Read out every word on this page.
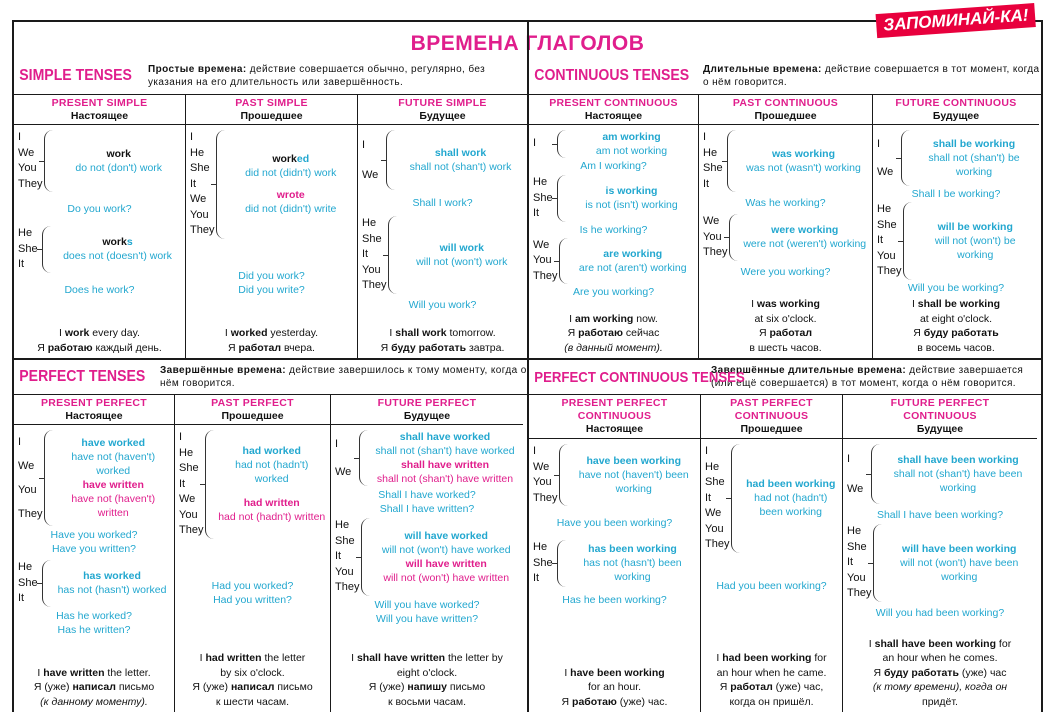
ЗАПОМИНАЙ-КА!
ВРЕМЕНА ГЛАГОЛОВ
SIMPLE TENSES Простые времена: действие совершается обычно, регулярно, без указания на его длительность или завершённость.
PRESENT SIMPLE
Настоящее
I
We
You
They
work
do not (don't) work
Do you work?
He
She
It
works
does not (doesn't) work
Does he work?
I work every day.
Я работаю каждый день.
PAST SIMPLE
Прошедшее
I
He
She
It
We
You
They
worked
did not (didn't) work
wrote
did not (didn't) write
Did you work?
Did you write?
I worked yesterday.
Я работал вчера.
FUTURE SIMPLE
Будущее
I
We
shall work
shall not (shan't) work
Shall I work?
He
She
It
You
They
will work
will not (won't) work
Will you work?
I shall work tomorrow.
Я буду работать завтра.
CONTINUOUS TENSES Длительные времена: действие совершается в тот момент, когда о нём говорится.
PRESENT CONTINUOUS
Настоящее
I
am working
am not working
Am I working?
He
She
It
is working
is not (isn't) working
Is he working?
We
You
They
are working
are not (aren't) working
Are you working?
I am working now.
Я работаю сейчас
(в данный момент).
PAST CONTINUOUS
Прошедшее
I
He
She
It
was working
was not (wasn't) working
Was he working?
We
You
They
were working
were not (weren't) working
Were you working?
I was working
at six o'clock.
Я работал
в шесть часов.
FUTURE CONTINUOUS
Будущее
I
We
shall be working
shall not (shan't) be working
Shall I be working?
He
She
It
You
They
will be working
will not (won't) be working
Will you be working?
I shall be working
at eight o'clock.
Я буду работать
в восемь часов.
PERFECT TENSES Завершённые времена: действие завершилось к тому моменту, когда о нём говорится.
PRESENT PERFECT
Настоящее
I
We
You
They
have worked
have not (haven't) worked
have written
have not (haven't) written
Have you worked?
Have you written?
He
She
It
has worked
has not (hasn't) worked
Has he worked?
Has he written?
I have written the letter.
Я (уже) написал письмо
(к данному моменту).
PAST PERFECT
Прошедшее
I
He
She
It
We
You
They
had worked
had not (hadn't) worked
had written
had not (hadn't) written
Had you worked?
Had you written?
I had written the letter
by six o'clock.
Я (уже) написал письмо
к шести часам.
FUTURE PERFECT
Будущее
I
We
shall have worked
shall not (shan't) have worked
shall have written
shall not (shan't) have written
Shall I have worked?
Shall I have written?
He
She
It
You
They
will have worked
will not (won't) have worked
will have written
will not (won't) have written
Will you have worked?
Will you have written?
I shall have written the letter by
eight o'clock.
Я (уже) напишу письмо
к восьми часам.
PERFECT CONTINUOUS TENSES
Завершённые длительные времена: действие завершается (или ещё совершается) в тот момент, когда о нём говорится.
PRESENT PERFECT
CONTINUOUS
Настоящее
I
We
You
They
have been working
have not (haven't) been working
Have you been working?
He
She
It
has been working
has not (hasn't) been working
Has he been working?
I have been working
for an hour.
Я работаю (уже) час.
PAST PERFECT
CONTINUOUS
Прошедшее
I
He
She
It
We
You
They
had been working
had not (hadn't) been working
Had you been working?
I had been working for
an hour when he came.
Я работал (уже) час,
когда он пришёл.
FUTURE PERFECT
CONTINUOUS
Будущее
I
We
shall have been working
shall not (shan't) have been working
Shall I have been working?
He
She
It
You
They
will have been working
will not (won't) have been working
Will you had been working?
I shall have been working for
an hour when he comes.
Я буду работать (уже) час
(к тому времени), когда он
придёт.
